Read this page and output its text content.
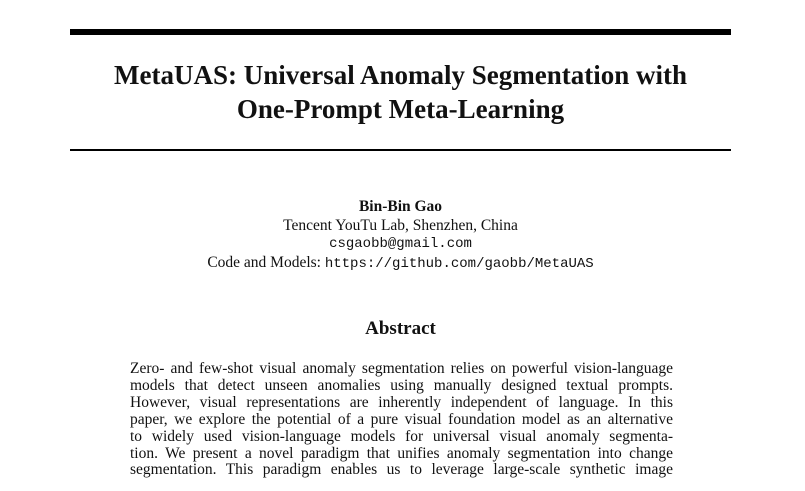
MetaUAS: Universal Anomaly Segmentation with
One-Prompt Meta-Learning
Bin-Bin Gao
Tencent YouTu Lab, Shenzhen, China
csgaobb@gmail.com
Code and Models: https://github.com/gaobb/MetaUAS
Abstract
Zero- and few-shot visual anomaly segmentation relies on powerful vision-language
models that detect unseen anomalies using manually designed textual prompts.
However, visual representations are inherently independent of language. In this
paper, we explore the potential of a pure visual foundation model as an alternative
to widely used vision-language models for universal visual anomaly segmenta-
tion. We present a novel paradigm that unifies anomaly segmentation into change
segmentation. This paradigm enables us to leverage large-scale synthetic image
